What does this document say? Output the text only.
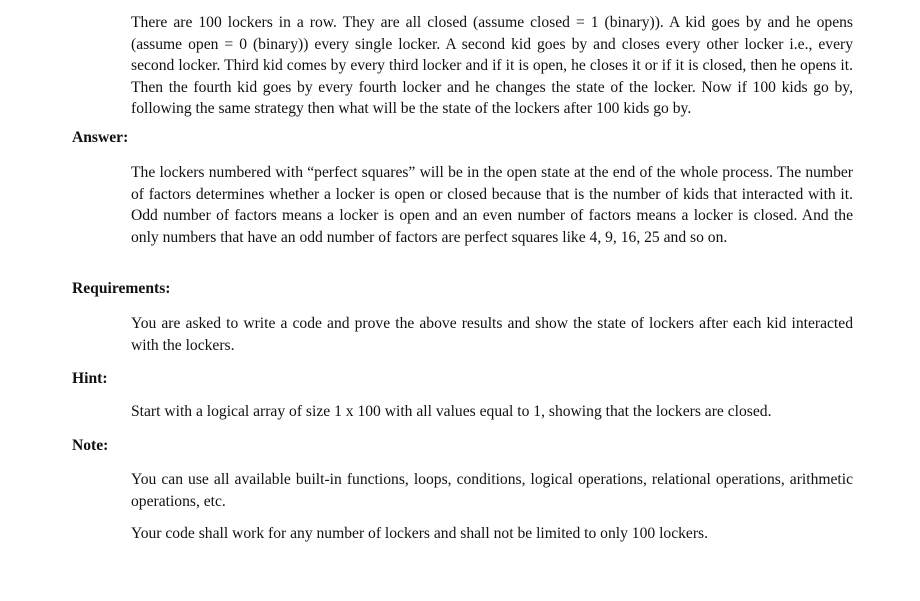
There are 100 lockers in a row. They are all closed (assume closed = 1 (binary)). A kid goes by and he opens (assume open = 0 (binary)) every single locker. A second kid goes by and closes every other locker i.e., every second locker. Third kid comes by every third locker and if it is open, he closes it or if it is closed, then he opens it. Then the fourth kid goes by every fourth locker and he changes the state of the locker. Now if 100 kids go by, following the same strategy then what will be the state of the lockers after 100 kids go by.

Answer:

The lockers numbered with “perfect squares” will be in the open state at the end of the whole process. The number of factors determines whether a locker is open or closed because that is the number of kids that interacted with it. Odd number of factors means a locker is open and an even number of factors means a locker is closed. And the only numbers that have an odd number of factors are perfect squares like 4, 9, 16, 25 and so on.

Requirements:

You are asked to write a code and prove the above results and show the state of lockers after each kid interacted with the lockers.

Hint:

Start with a logical array of size 1 x 100 with all values equal to 1, showing that the lockers are closed.

Note:

You can use all available built-in functions, loops, conditions, logical operations, relational operations, arithmetic operations, etc.

Your code shall work for any number of lockers and shall not be limited to only 100 lockers.
